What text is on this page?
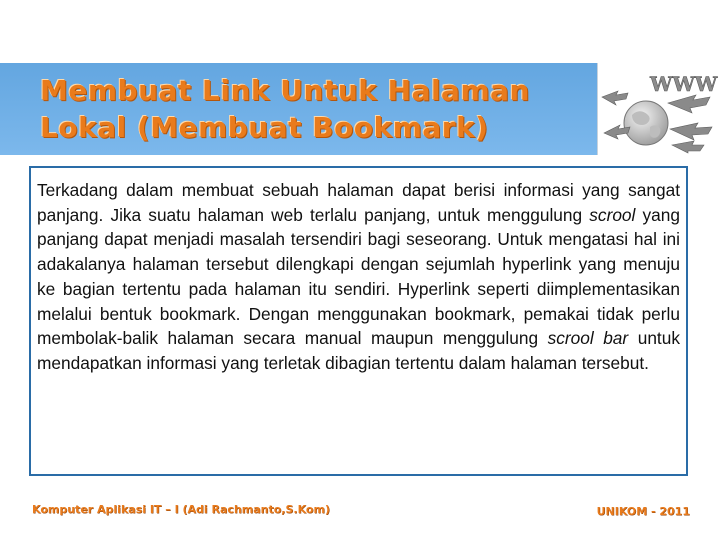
Membuat Link Untuk Halaman Lokal (Membuat Bookmark)
WWW

Terkadang dalam membuat sebuah halaman dapat berisi informasi yang sangat panjang. Jika suatu halaman web terlalu panjang, untuk menggulung scrool yang panjang dapat menjadi masalah tersendiri bagi seseorang. Untuk mengatasi hal ini adakalanya halaman tersebut dilengkapi dengan sejumlah hyperlink yang menuju ke bagian tertentu pada halaman itu sendiri. Hyperlink seperti diimplementasikan melalui bentuk bookmark. Dengan menggunakan bookmark, pemakai tidak perlu membolak-balik halaman secara manual maupun menggulung scrool bar untuk mendapatkan informasi yang terletak dibagian tertentu dalam halaman tersebut.

Komputer Aplikasi IT – I (Adi Rachmanto,S.Kom)	UNIKOM - 2011
